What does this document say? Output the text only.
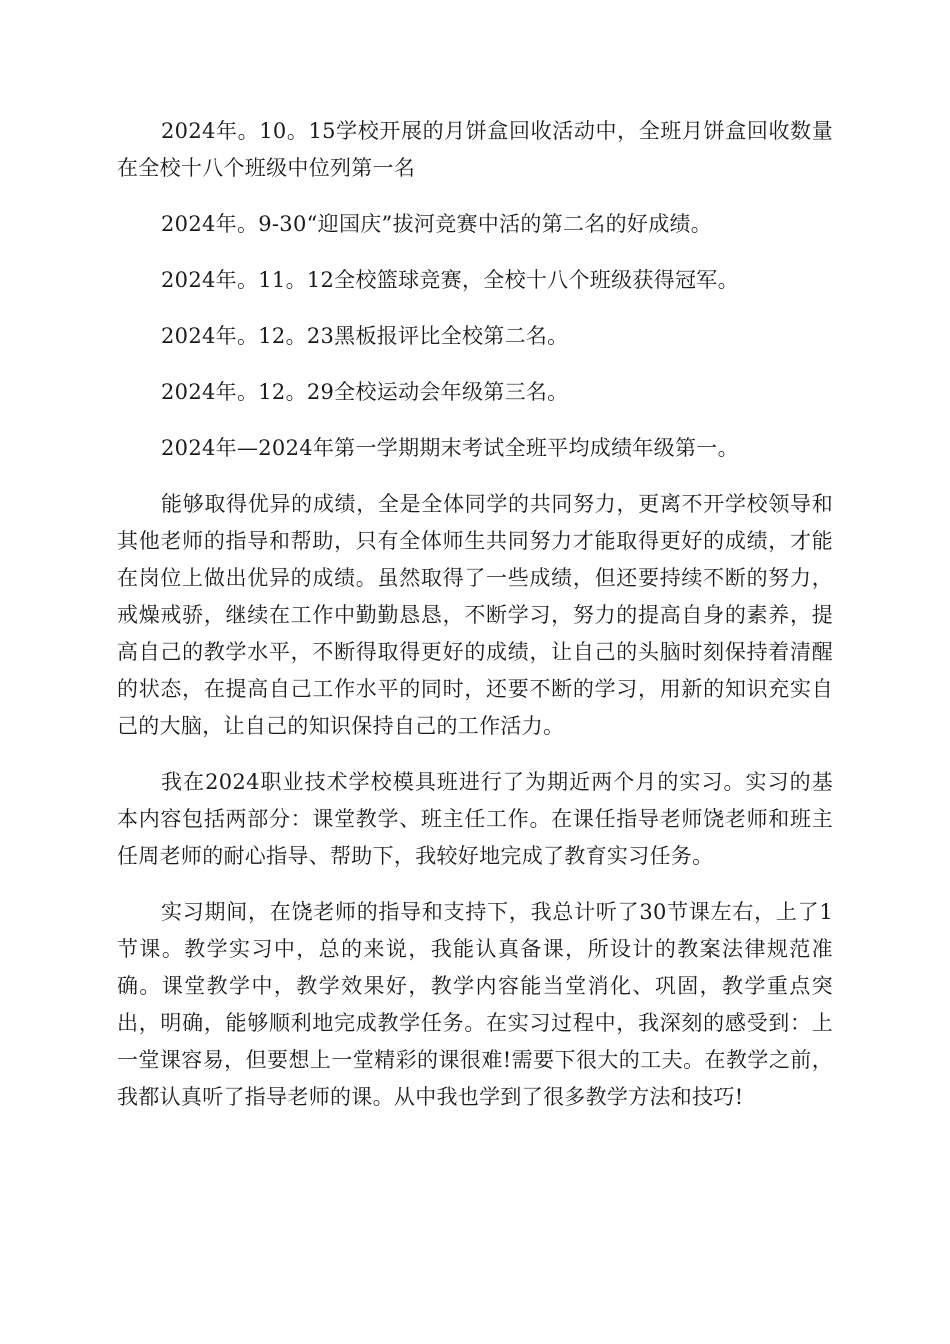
2024年。10。15学校开展的月饼盒回收活动中，全班月饼盒回收数量在全校十八个班级中位列第一名

2024年。9-30“迎国庆”拔河竞赛中活的第二名的好成绩。

2024年。11。12全校篮球竞赛，全校十八个班级获得冠军。

2024年。12。23黑板报评比全校第二名。

2024年。12。29全校运动会年级第三名。

2024年—2024年第一学期期末考试全班平均成绩年级第一。

能够取得优异的成绩，全是全体同学的共同努力，更离不开学校领导和其他老师的指导和帮助，只有全体师生共同努力才能取得更好的成绩，才能在岗位上做出优异的成绩。虽然取得了一些成绩，但还要持续不断的努力，戒燥戒骄，继续在工作中勤勤恳恳，不断学习，努力的提高自身的素养，提高自己的教学水平，不断得取得更好的成绩，让自己的头脑时刻保持着清醒的状态，在提高自己工作水平的同时，还要不断的学习，用新的知识充实自己的大脑，让自己的知识保持自己的工作活力。

我在2024职业技术学校模具班进行了为期近两个月的实习。实习的基本内容包括两部分：课堂教学、班主任工作。在课任指导老师饶老师和班主任周老师的耐心指导、帮助下，我较好地完成了教育实习任务。

实习期间，在饶老师的指导和支持下，我总计听了30节课左右，上了1节课。教学实习中，总的来说，我能认真备课，所设计的教案法律规范准确。课堂教学中，教学效果好，教学内容能当堂消化、巩固，教学重点突出，明确，能够顺利地完成教学任务。在实习过程中，我深刻的感受到：上一堂课容易，但要想上一堂精彩的课很难!需要下很大的工夫。在教学之前，我都认真听了指导老师的课。从中我也学到了很多教学方法和技巧!
